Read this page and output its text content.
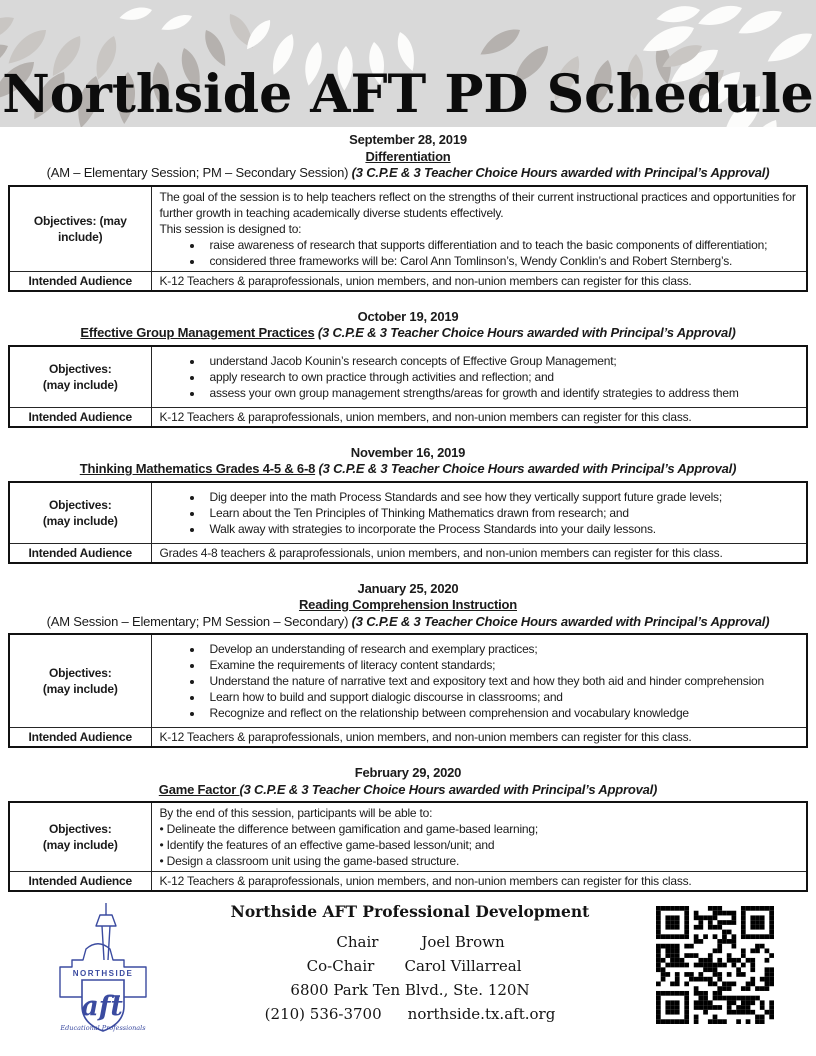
Northside AFT PD Schedule
September 28, 2019
Differentiation
(AM – Elementary Session; PM – Secondary Session) (3 C.P.E & 3 Teacher Choice Hours awarded with Principal’s Approval)
Objectives: (may include)	

The goal of the session is to help teachers reflect on the strengths of their current instructional practices and opportunities for further growth in teaching academically diverse students effectively.

This session is designed to:

• raise awareness of research that supports differentiation and to teach the basic components of differentiation;
• considered three frameworks will be: Carol Ann Tomlinson’s, Wendy Conklin’s and Robert Sternberg’s.

Intended Audience	K-12 Teachers & paraprofessionals, union members, and non-union members can register for this class.
October 19, 2019
Effective Group Management Practices (3 C.P.E & 3 Teacher Choice Hours awarded with Principal’s Approval)
Objectives:
(may include)	
• understand Jacob Kounin’s research concepts of Effective Group Management;
• apply research to own practice through activities and reflection; and
• assess your own group management strengths/areas for growth and identify strategies to address them

Intended Audience	K-12 Teachers & paraprofessionals, union members, and non-union members can register for this class.
November 16, 2019
Thinking Mathematics Grades 4-5 & 6-8 (3 C.P.E & 3 Teacher Choice Hours awarded with Principal’s Approval)
Objectives:
(may include)	
• Dig deeper into the math Process Standards and see how they vertically support future grade levels;
• Learn about the Ten Principles of Thinking Mathematics drawn from research; and
• Walk away with strategies to incorporate the Process Standards into your daily lessons.

Intended Audience	Grades 4-8 teachers & paraprofessionals, union members, and non-union members can register for this class.
January 25, 2020
Reading Comprehension Instruction
(AM Session – Elementary; PM Session – Secondary) (3 C.P.E & 3 Teacher Choice Hours awarded with Principal’s Approval)
Objectives:
(may include)	
• Develop an understanding of research and exemplary practices;
• Examine the requirements of literacy content standards;
• Understand the nature of narrative text and expository text and how they both aid and hinder comprehension
• Learn how to build and support dialogic discourse in classrooms; and
• Recognize and reflect on the relationship between comprehension and vocabulary knowledge

Intended Audience	K-12 Teachers & paraprofessionals, union members, and non-union members can register for this class.
February 29, 2020
Game Factor (3 C.P.E & 3 Teacher Choice Hours awarded with Principal’s Approval)
Objectives:
(may include)	

By the end of this session, participants will be able to:

• Delineate the difference between gamification and game-based learning;

• Identify the features of an effective game-based lesson/unit; and

• Design a classroom unit using the game-based structure.

Intended Audience	K-12 Teachers & paraprofessionals, union members, and non-union members can register for this class.
NORTHSIDE
aft
Educational Professionals
Northside AFT Professional Development
Chair	Joel Brown
Co-Chair	Carol Villarreal
6800 Park Ten Blvd., Ste. 120N
(210) 536-3700 northside.tx.aft.org
